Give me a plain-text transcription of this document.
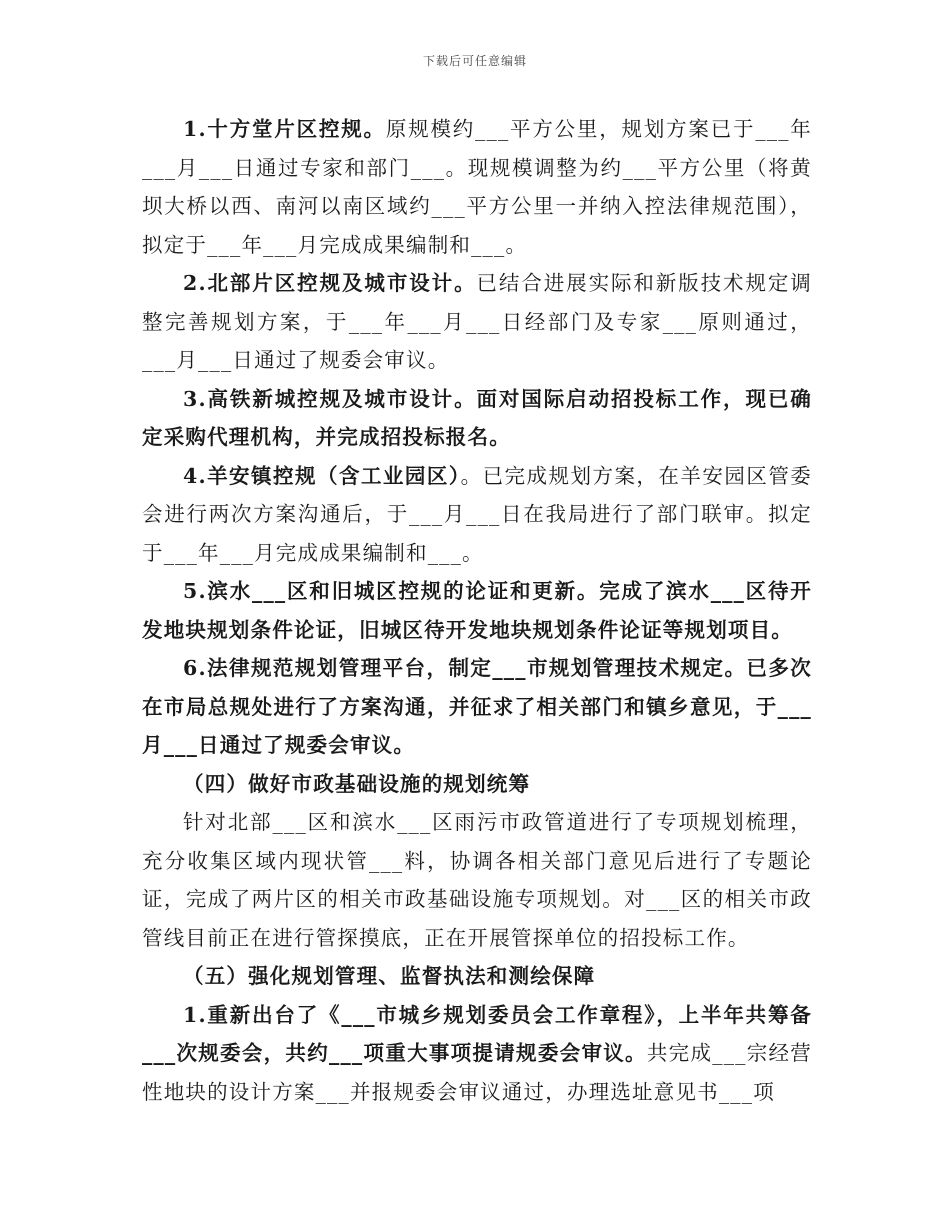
下载后可任意编辑

1.十方堂片区控规。原规模约___平方公里，规划方案已于___年___月___日通过专家和部门___。现规模调整为约___平方公里（将黄坝大桥以西、南河以南区域约___平方公里一并纳入控法律规范围），拟定于___年___月完成成果编制和___。

2.北部片区控规及城市设计。已结合进展实际和新版技术规定调整完善规划方案，于___年___月___日经部门及专家___原则通过，___月___日通过了规委会审议。

3.高铁新城控规及城市设计。面对国际启动招投标工作，现已确定采购代理机构，并完成招投标报名。

4.羊安镇控规（含工业园区）。已完成规划方案，在羊安园区管委会进行两次方案沟通后，于___月___日在我局进行了部门联审。拟定于___年___月完成成果编制和___。

5.滨水___区和旧城区控规的论证和更新。完成了滨水___区待开发地块规划条件论证，旧城区待开发地块规划条件论证等规划项目。

6.法律规范规划管理平台，制定___市规划管理技术规定。已多次在市局总规处进行了方案沟通，并征求了相关部门和镇乡意见，于___月___日通过了规委会审议。

（四）做好市政基础设施的规划统筹

针对北部___区和滨水___区雨污市政管道进行了专项规划梳理，充分收集区域内现状管___料，协调各相关部门意见后进行了专题论证，完成了两片区的相关市政基础设施专项规划。对___区的相关市政管线目前正在进行管探摸底，正在开展管探单位的招投标工作。

（五）强化规划管理、监督执法和测绘保障

1.重新出台了《___市城乡规划委员会工作章程》，上半年共筹备___次规委会，共约___项重大事项提请规委会审议。共完成___宗经营性地块的设计方案___并报规委会审议通过，办理选址意见书___项
